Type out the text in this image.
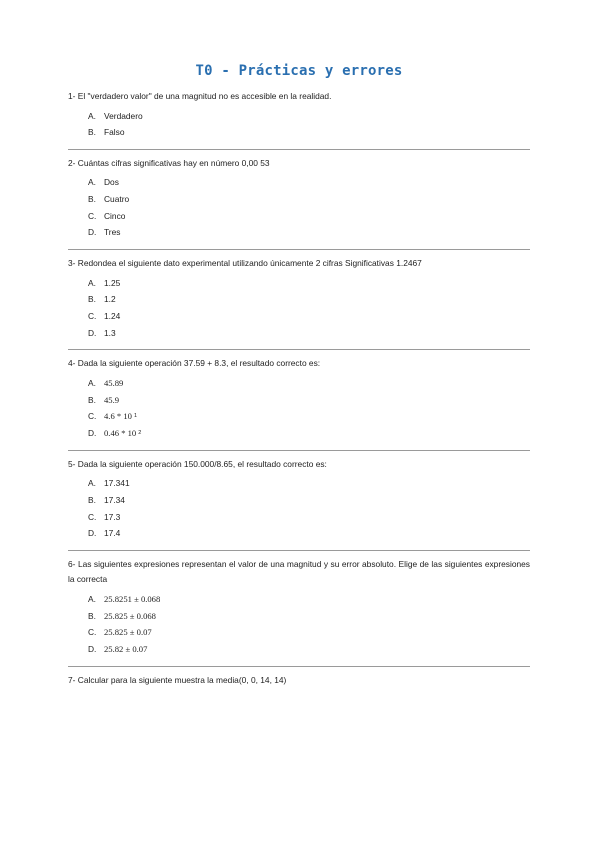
T0 - Prácticas y errores
1- El "verdadero valor" de una magnitud no es accesible en la realidad.
A. Verdadero
B. Falso
2- Cuántas cifras significativas hay en número 0,00 53
A. Dos
B. Cuatro
C. Cinco
D. Tres
3- Redondea el siguiente dato experimental utilizando únicamente 2 cifras Significativas 1.2467
A. 1.25
B. 1.2
C. 1.24
D. 1.3
4- Dada la siguiente operación 37.59 + 8.3, el resultado correcto es:
A. 45.89
B. 45.9
C. 4.6 * 10 1
D. 0.46 * 10 2
5- Dada la siguiente operación 150.000/8.65, el resultado correcto es:
A. 17.341
B. 17.34
C. 17.3
D. 17.4
6- Las siguientes expresiones representan el valor de una magnitud y su error absoluto. Elige de las siguientes expresiones la correcta
A. 25.8251 ± 0.068
B. 25.825 ± 0.068
C. 25.825 ± 0.07
D. 25.82 ± 0.07
7- Calcular para la siguiente muestra la media(0, 0, 14, 14)
